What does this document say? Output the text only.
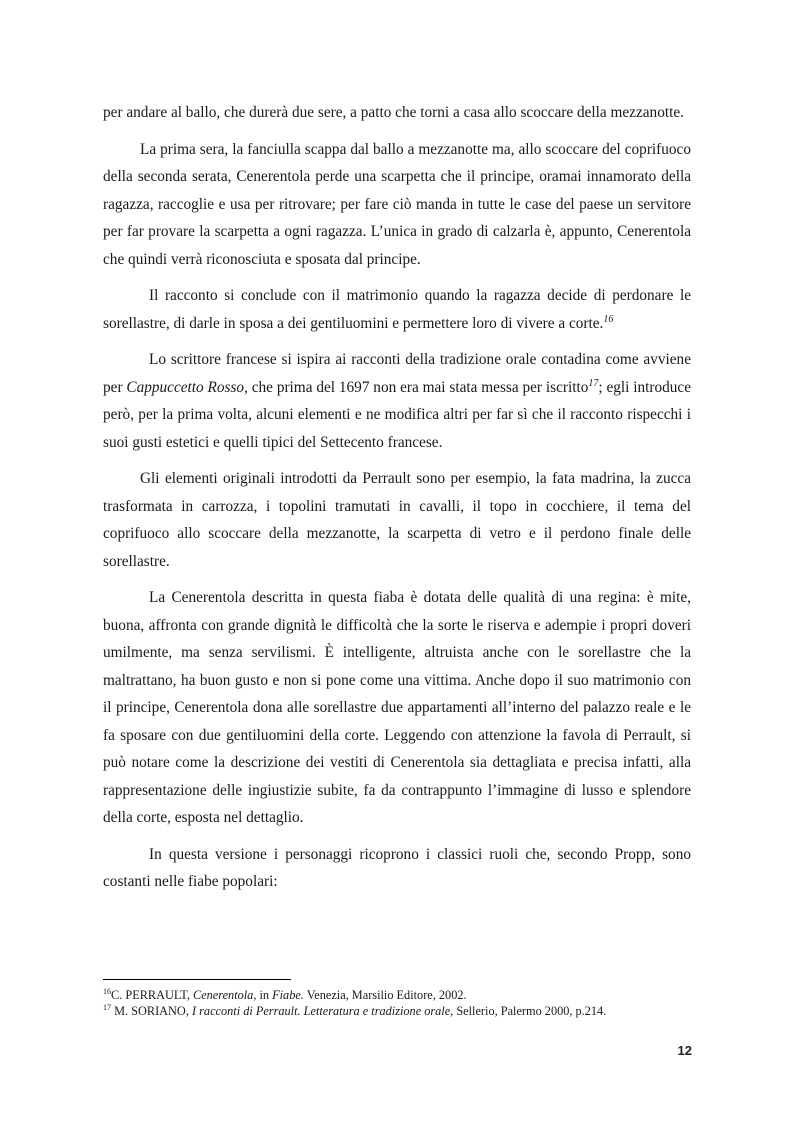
per andare al ballo, che durerà due sere, a patto che torni a casa allo scoccare della mezzanotte.

La prima sera, la fanciulla scappa dal ballo a mezzanotte ma, allo scoccare del coprifuoco della seconda serata, Cenerentola perde una scarpetta che il principe, oramai innamorato della ragazza, raccoglie e usa per ritrovare; per fare ciò manda in tutte le case del paese un servitore per far provare la scarpetta a ogni ragazza. L’unica in grado di calzarla è, appunto, Cenerentola che quindi verrà riconosciuta e sposata dal principe.

Il racconto si conclude con il matrimonio quando la ragazza decide di perdonare le sorellastre, di darle in sposa a dei gentiluomini e permettere loro di vivere a corte.$^{16}$

Lo scrittore francese si ispira ai racconti della tradizione orale contadina come avviene per Cappuccetto Rosso, che prima del 1697 non era mai stata messa per iscritto$^{17}$; egli introduce però, per la prima volta, alcuni elementi e ne modifica altri per far sì che il racconto rispecchi i suoi gusti estetici e quelli tipici del Settecento francese.

Gli elementi originali introdotti da Perrault sono per esempio, la fata madrina, la zucca trasformata in carrozza, i topolini tramutati in cavalli, il topo in cocchiere, il tema del coprifuoco allo scoccare della mezzanotte, la scarpetta di vetro e il perdono finale delle sorellastre.

La Cenerentola descritta in questa fiaba è dotata delle qualità di una regina: è mite, buona, affronta con grande dignità le difficoltà che la sorte le riserva e adempie i propri doveri umilmente, ma senza servilismi. È intelligente, altruista anche con le sorellastre che la maltrattano, ha buon gusto e non si pone come una vittima. Anche dopo il suo matrimonio con il principe, Cenerentola dona alle sorellastre due appartamenti all’interno del palazzo reale e le fa sposare con due gentiluomini della corte. Leggendo con attenzione la favola di Perrault, si può notare come la descrizione dei vestiti di Cenerentola sia dettagliata e precisa infatti, alla rappresentazione delle ingiustizie subite, fa da contrappunto l’immagine di lusso e splendore della corte, esposta nel dettaglio.

In questa versione i personaggi ricoprono i classici ruoli che, secondo Propp, sono costanti nelle fiabe popolari:

$^{16}$C. PERRAULT, Cenerentola, in Fiabe. Venezia, Marsilio Editore, 2002.
$^{17}$ M. SORIANO, I racconti di Perrault. Letteratura e tradizione orale, Sellerio, Palermo 2000, p.214.
12
